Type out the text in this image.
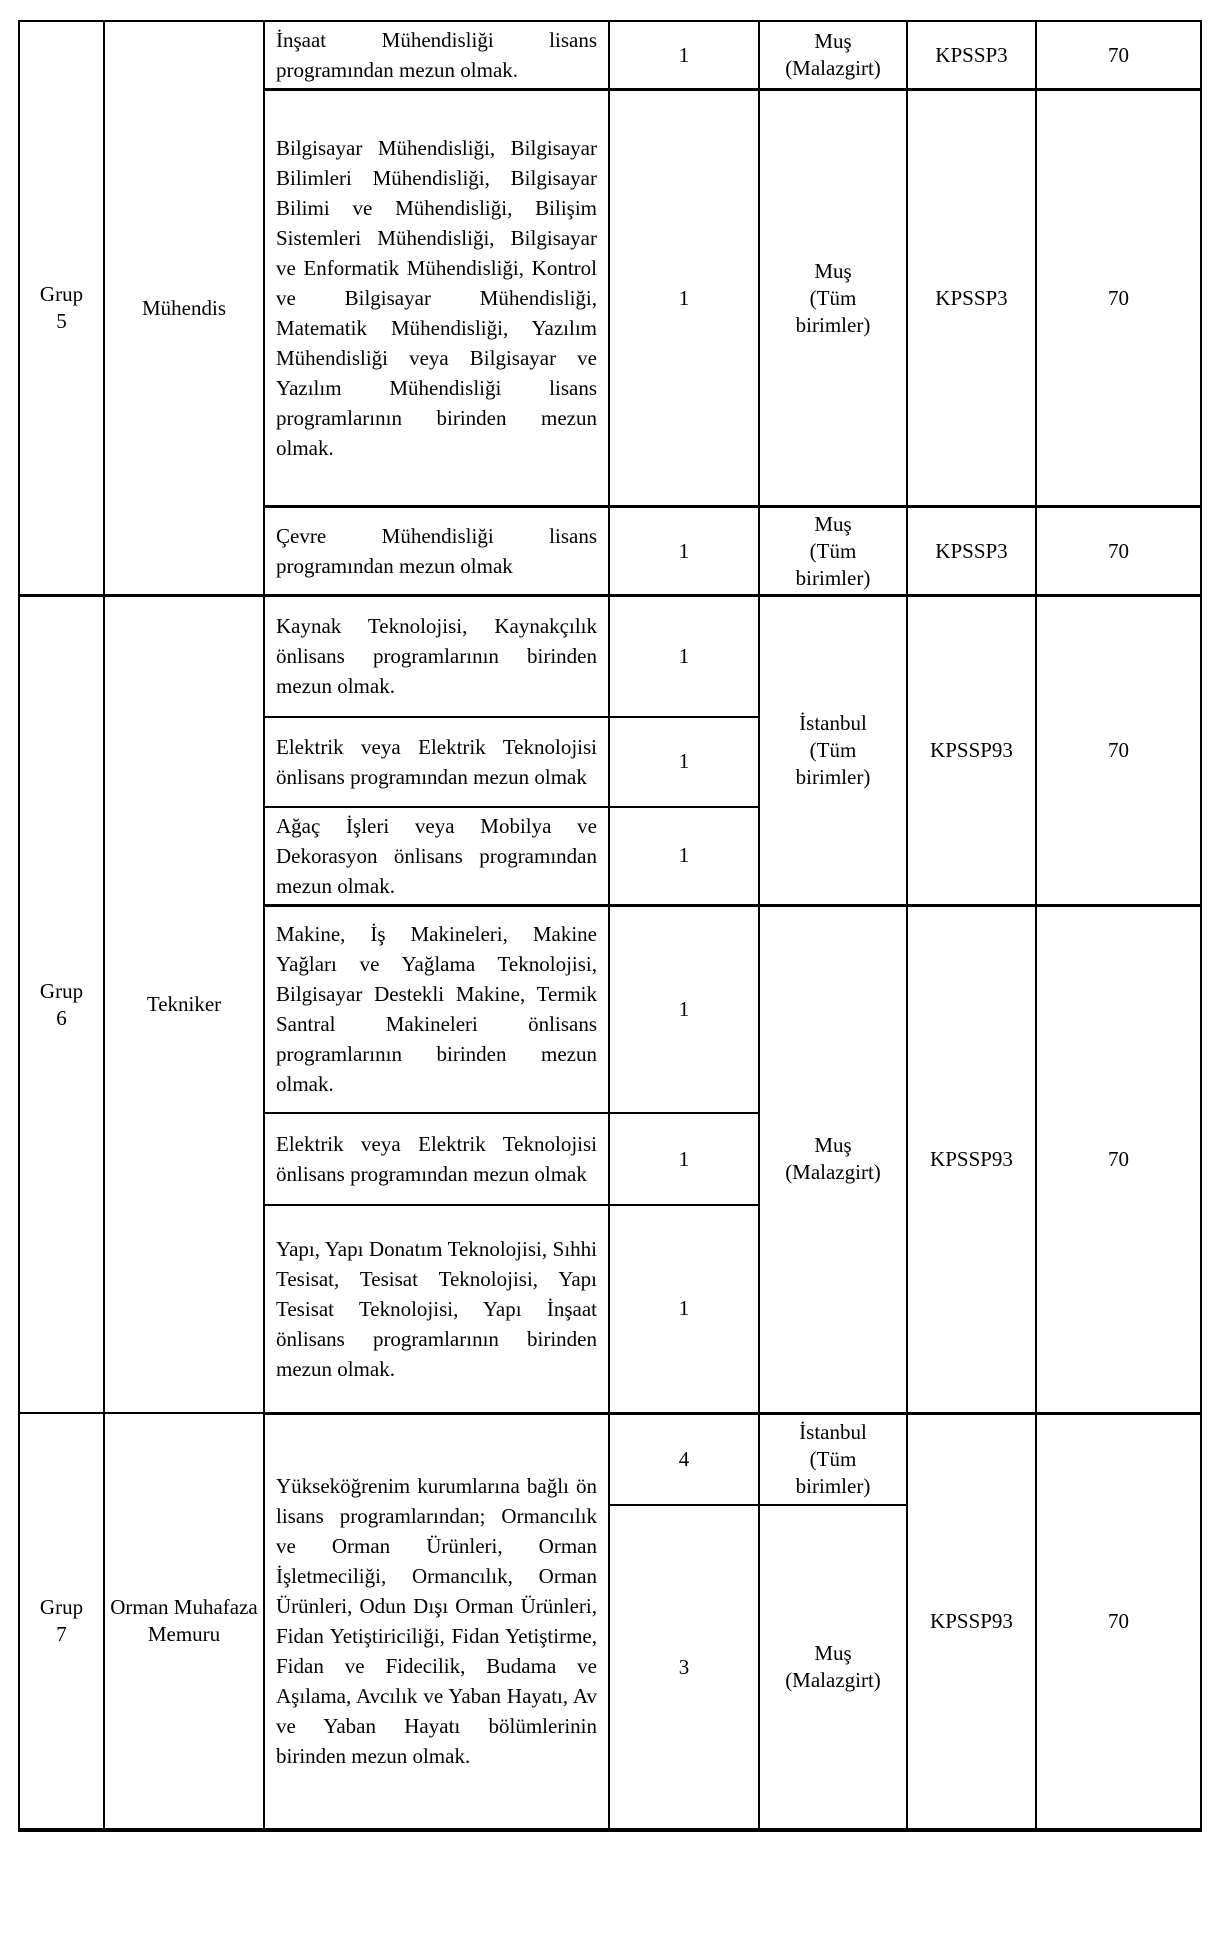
Grup 5	Mühendis	İnşaat Mühendisliği lisans programından mezun olmak.	1	Muş (Malazgirt)	KPSSP3	70
		Bilgisayar Mühendisliği, Bilgisayar Bilimleri Mühendisliği, Bilgisayar Bilimi ve Mühendisliği, Bilişim Sistemleri Mühendisliği, Bilgisayar ve Enformatik Mühendisliği, Kontrol ve Bilgisayar Mühendisliği, Matematik Mühendisliği, Yazılım Mühendisliği veya Bilgisayar ve Yazılım Mühendisliği lisans programlarının birinden mezun olmak.	1	Muş (Tüm birimler)	KPSSP3	70
		Çevre Mühendisliği lisans programından mezun olmak	1	Muş (Tüm birimler)	KPSSP3	70

Grup 6	Tekniker	Kaynak Teknolojisi, Kaynakçılık önlisans programlarının birinden mezun olmak.	1	İstanbul (Tüm birimler)	KPSSP93	70
		Elektrik veya Elektrik Teknolojisi önlisans programından mezun olmak	1			
		Ağaç İşleri veya Mobilya ve Dekorasyon önlisans programından mezun olmak.	1			
		Makine, İş Makineleri, Makine Yağları ve Yağlama Teknolojisi, Bilgisayar Destekli Makine, Termik Santral Makineleri önlisans programlarının birinden mezun olmak.	1	Muş (Malazgirt)	KPSSP93	70
		Elektrik veya Elektrik Teknolojisi önlisans programından mezun olmak	1			
		Yapı, Yapı Donatım Teknolojisi, Sıhhi Tesisat, Tesisat Teknolojisi, Yapı Tesisat Teknolojisi, Yapı İnşaat önlisans programlarının birinden mezun olmak.	1			

Grup 7	Orman Muhafaza Memuru	Yükseköğrenim kurumlarına bağlı ön lisans programlarından; Ormancılık ve Orman Ürünleri, Orman İşletmeciliği, Ormancılık, Orman Ürünleri, Odun Dışı Orman Ürünleri, Fidan Yetiştiriciliği, Fidan Yetiştirme, Fidan ve Fidecilik, Budama ve Aşılama, Avcılık ve Yaban Hayatı, Av ve Yaban Hayatı bölümlerinin birinden mezun olmak.	4	İstanbul (Tüm birimler)	KPSSP93	70
			3	Muş (Malazgirt)		
